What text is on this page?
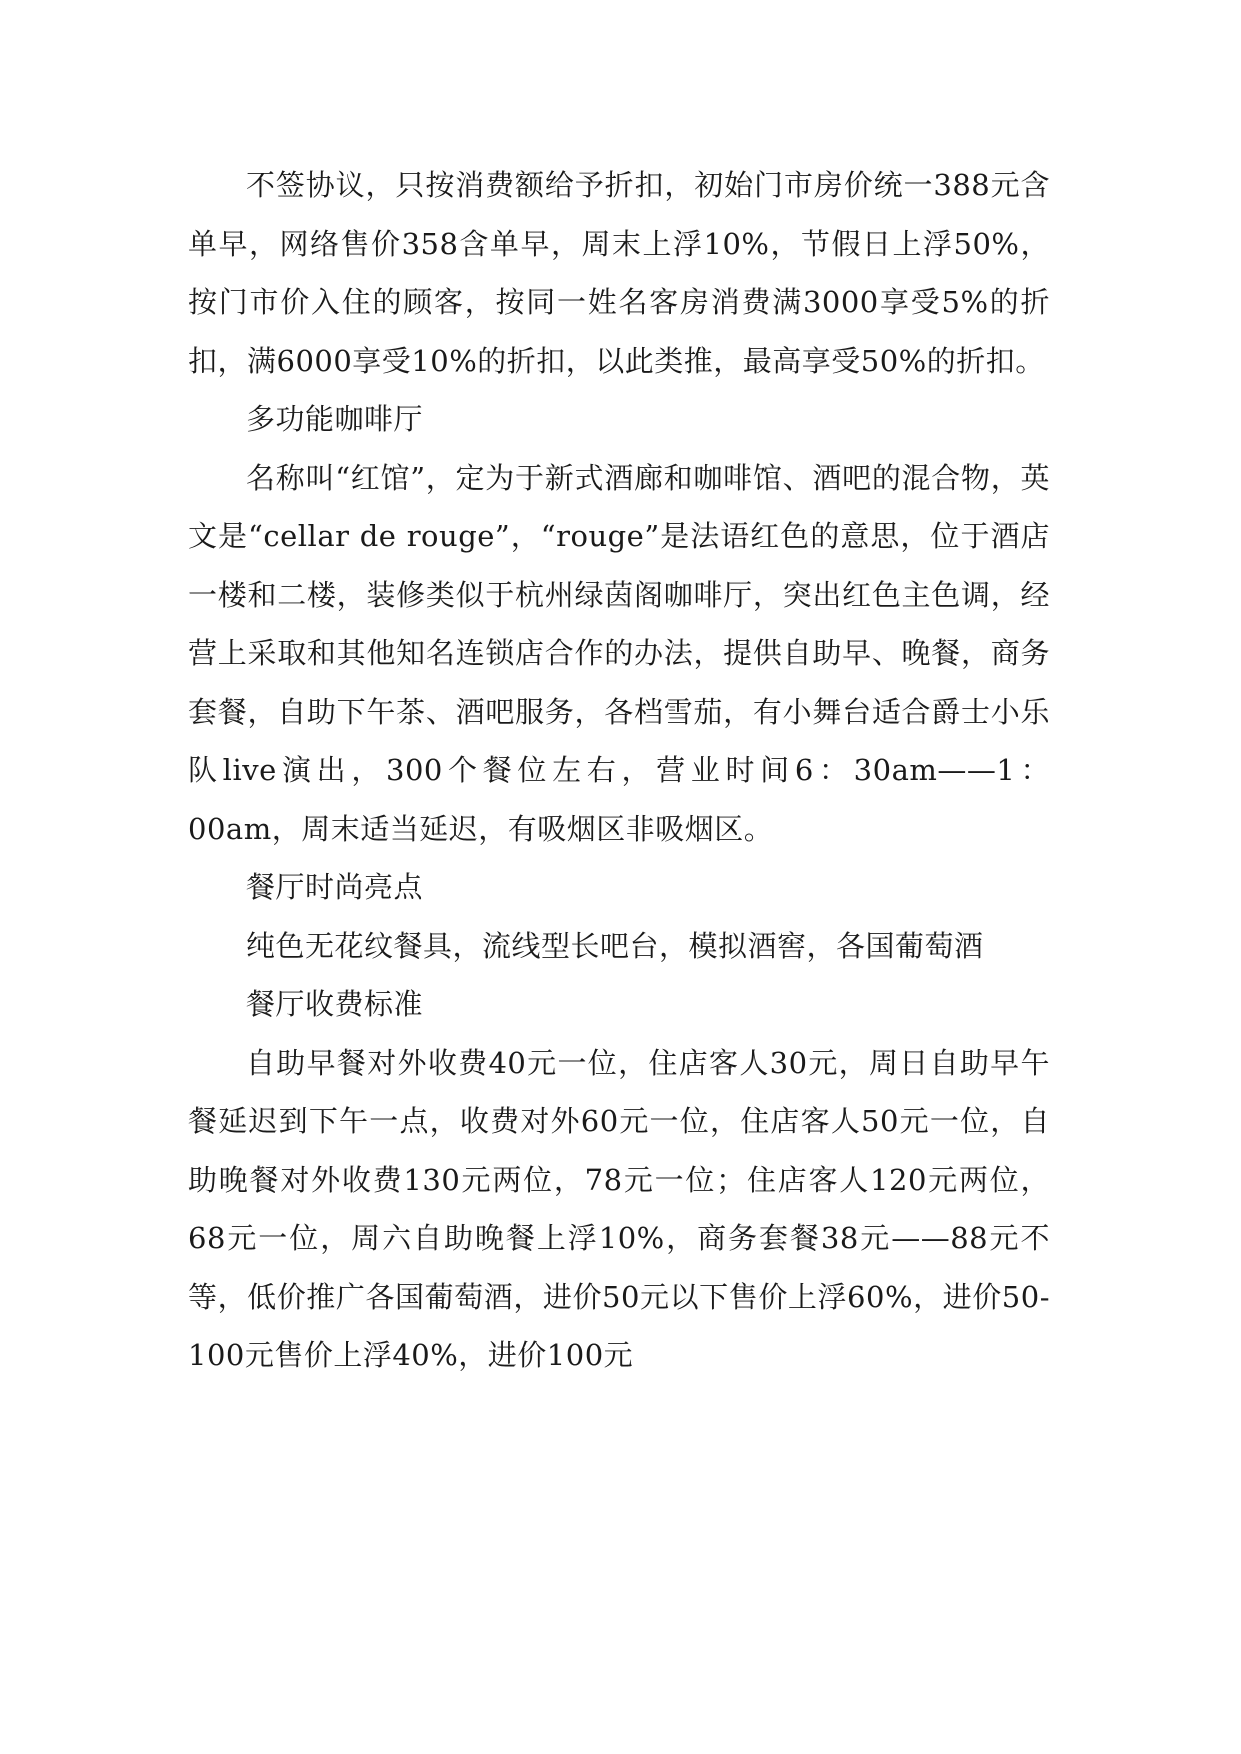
不签协议，只按消费额给予折扣，初始门市房价统一388元含单早，网络售价358含单早，周末上浮10%，节假日上浮50%，按门市价入住的顾客，按同一姓名客房消费满3000享受5%的折扣，满6000享受10%的折扣，以此类推，最高享受50%的折扣。

多功能咖啡厅

名称叫“红馆”，定为于新式酒廊和咖啡馆、酒吧的混合物，英文是“cellar de rouge”，“rouge”是法语红色的意思，位于酒店一楼和二楼，装修类似于杭州绿茵阁咖啡厅，突出红色主色调，经营上采取和其他知名连锁店合作的办法，提供自助早、晚餐，商务套餐，自助下午茶、酒吧服务，各档雪茄，有小舞台适合爵士小乐队live演出，300个餐位左右，营业时间6：30am——1：00am，周末适当延迟，有吸烟区非吸烟区。

餐厅时尚亮点

纯色无花纹餐具，流线型长吧台，模拟酒窖，各国葡萄酒

餐厅收费标准

自助早餐对外收费40元一位，住店客人30元，周日自助早午餐延迟到下午一点，收费对外60元一位，住店客人50元一位，自助晚餐对外收费130元两位，78元一位；住店客人120元两位，68元一位，周六自助晚餐上浮10%，商务套餐38元——88元不等，低价推广各国葡萄酒，进价50元以下售价上浮60%，进价50-100元售价上浮40%，进价100元
